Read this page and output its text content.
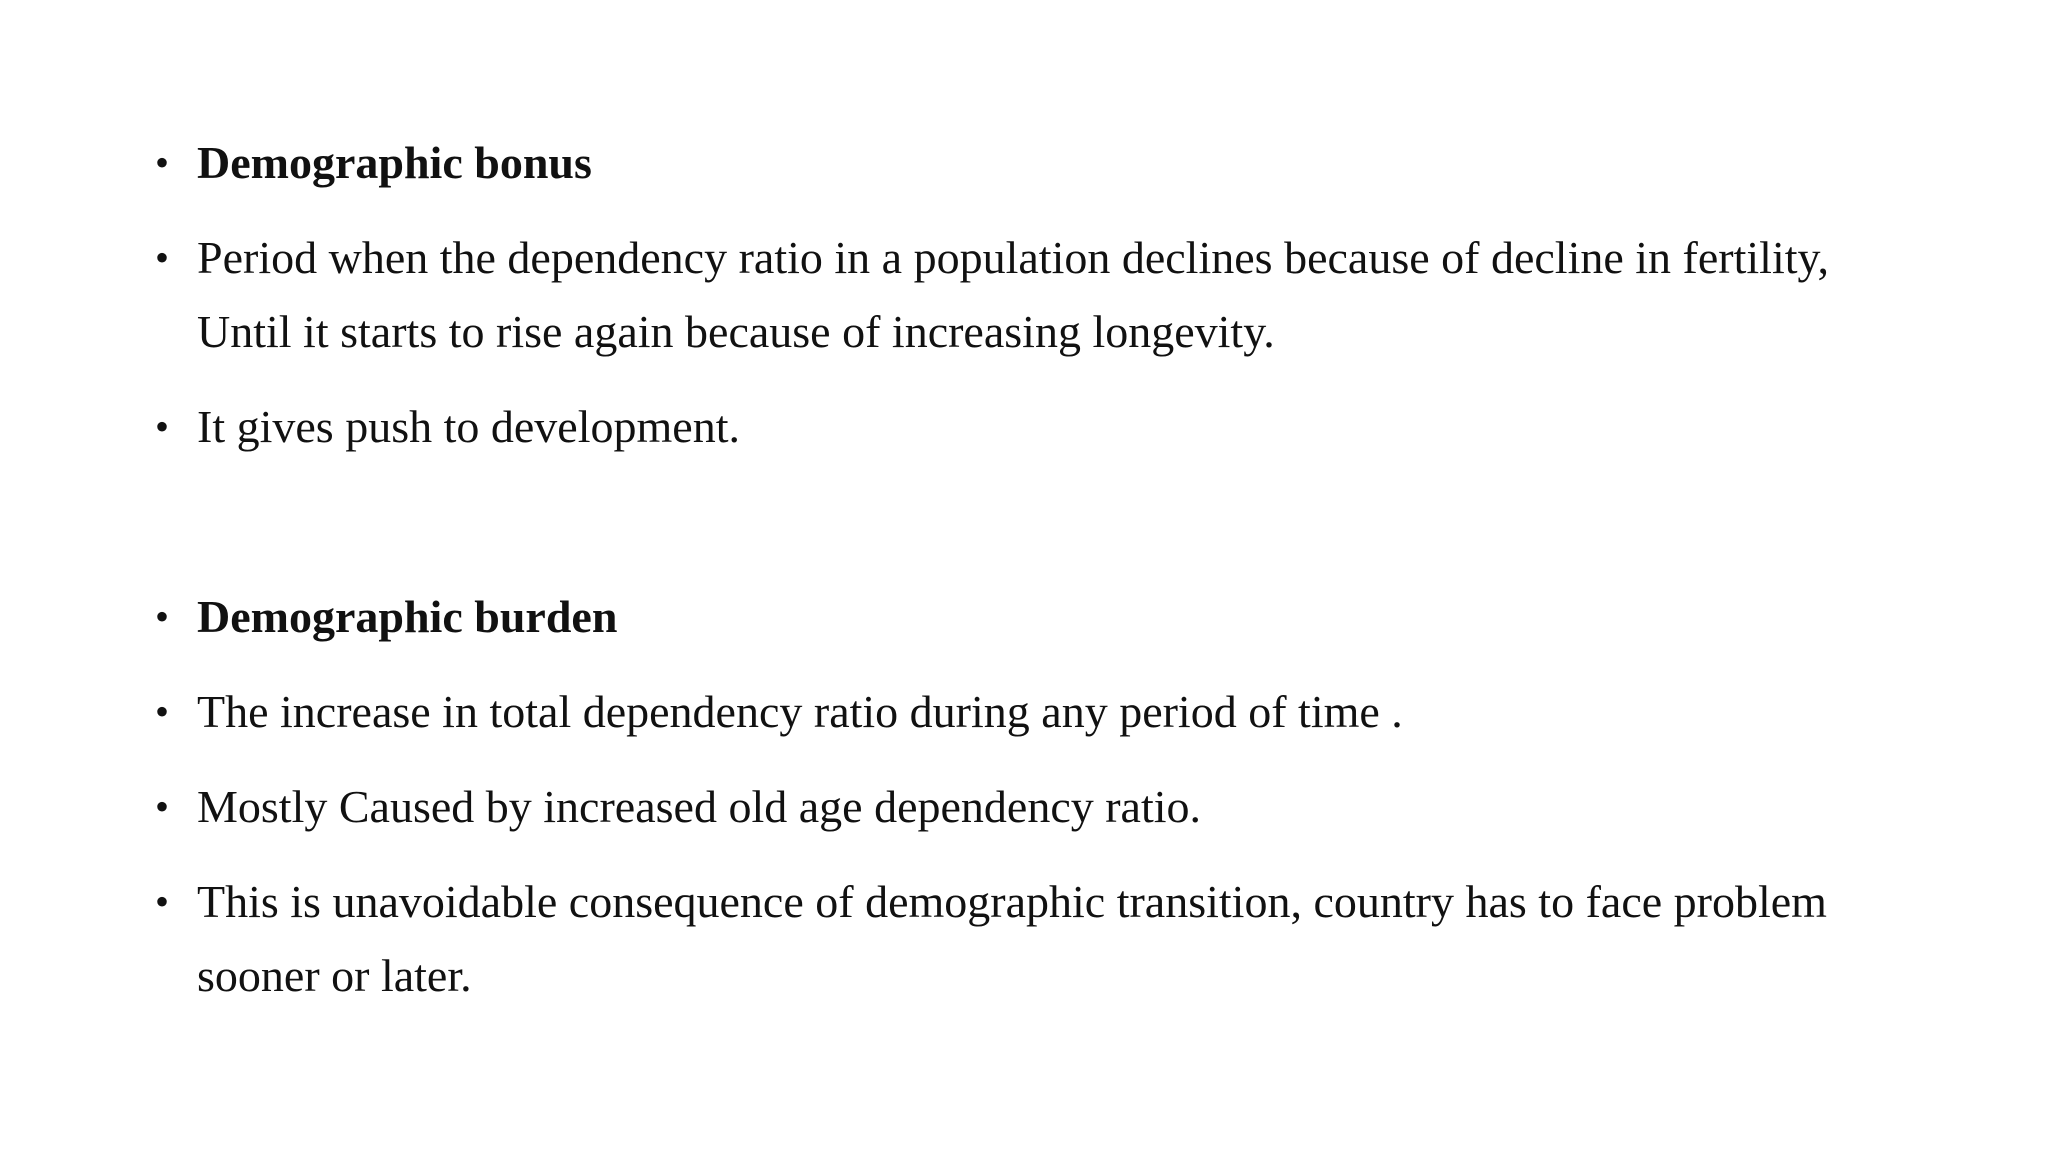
• Demographic bonus
• Period when the dependency ratio in a population declines because of decline in fertility, Until it starts to rise again because of increasing longevity.
• It gives push to development.
• Demographic burden
• The increase in total dependency ratio during any period of time .
• Mostly Caused by increased old age dependency ratio.
• This is unavoidable consequence of demographic transition, country has to face problem sooner or later.
